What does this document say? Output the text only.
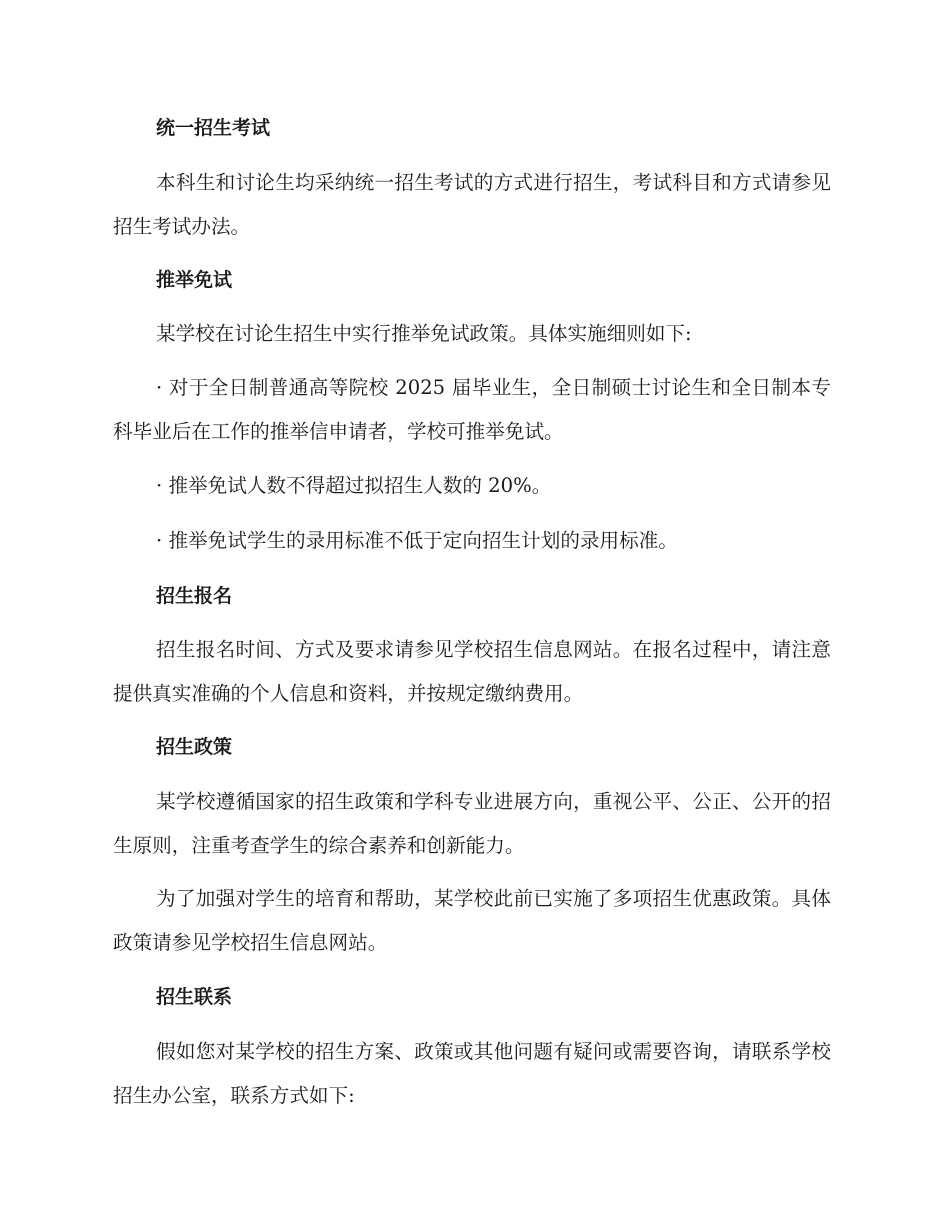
统一招生考试

本科生和讨论生均采纳统一招生考试的方式进行招生，考试科目和方式请参见招生考试办法。

推举免试

某学校在讨论生招生中实行推举免试政策。具体实施细则如下:

· 对于全日制普通高等院校 2025 届毕业生，全日制硕士讨论生和全日制本专科毕业后在工作的推举信申请者，学校可推举免试。

· 推举免试人数不得超过拟招生人数的 20%。

· 推举免试学生的录用标准不低于定向招生计划的录用标准。

招生报名

招生报名时间、方式及要求请参见学校招生信息网站。在报名过程中，请注意提供真实准确的个人信息和资料，并按规定缴纳费用。

招生政策

某学校遵循国家的招生政策和学科专业进展方向，重视公平、公正、公开的招生原则，注重考查学生的综合素养和创新能力。

为了加强对学生的培育和帮助，某学校此前已实施了多项招生优惠政策。具体政策请参见学校招生信息网站。

招生联系

假如您对某学校的招生方案、政策或其他问题有疑问或需要咨询，请联系学校招生办公室，联系方式如下:
